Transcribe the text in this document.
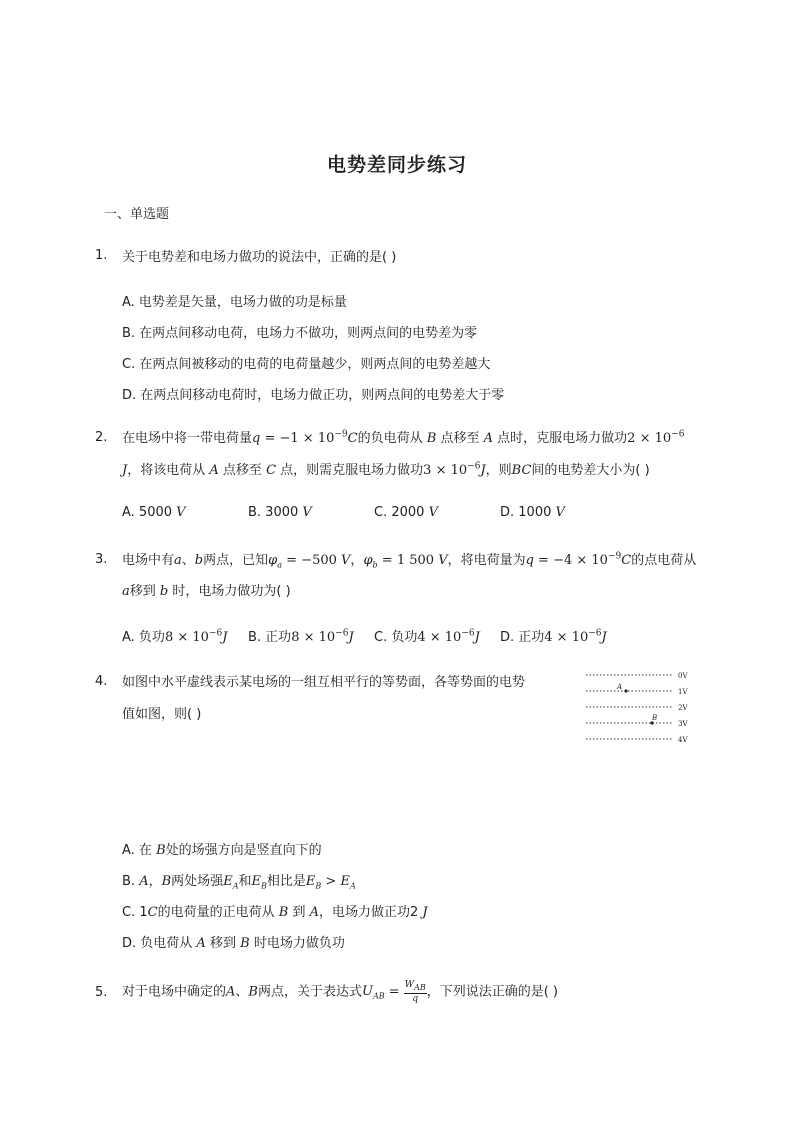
电势差同步练习
一、单选题
1. 关于电势差和电场力做功的说法中，正确的是( )
A. 电势差是矢量，电场力做的功是标量
B. 在两点间移动电荷，电场力不做功，则两点间的电势差为零
C. 在两点间被移动的电荷的电荷量越少，则两点间的电势差越大
D. 在两点间移动电荷时，电场力做正功，则两点间的电势差大于零
2. 在电场中将一带电荷量$q = -1 \times 10^{-9}C$的负电荷从 B 点移至 A 点时，克服电场力做功$2 \times 10^{-6}$
J，将该电荷从 A 点移至 C 点，则需克服电场力做功$3 \times 10^{-6}J$，则BC间的电势差大小为( )
A. 5000 V	B. 3000 V	C. 2000 V	D. 1000 V
3. 电场中有a、b两点，已知$\varphi_a = -500$ V，$\varphi_b = 1$ 500 V，将电荷量为$q = -4 \times 10^{-9}C$的点电荷从
a移到 b 时，电场力做功为( )
A. 负功$8 \times 10^{-6}J$ B. 正功$8 \times 10^{-6}J$ C. 负功$4 \times 10^{-6}J$ D. 正功$4 \times 10^{-6}J$
4. 如图中水平虚线表示某电场的一组互相平行的等势面，各等势面的电势
值如图，则( )
0V
1V
2V
3V
4V
A
B
A. 在 B处的场强方向是竖直向下的
B. A，B两处场强$E_A$和$E_B$相比是$E_B > E_A$
C. 1C的电荷量的正电荷从 B 到 A，电场力做正功2 J
D. 负电荷从 A 移到 B 时电场力做负功
5. 对于电场中确定的A、B两点，关于表达式$U_{AB} = \frac{W_{AB}}{q}$ ，下列说法正确的是( )
